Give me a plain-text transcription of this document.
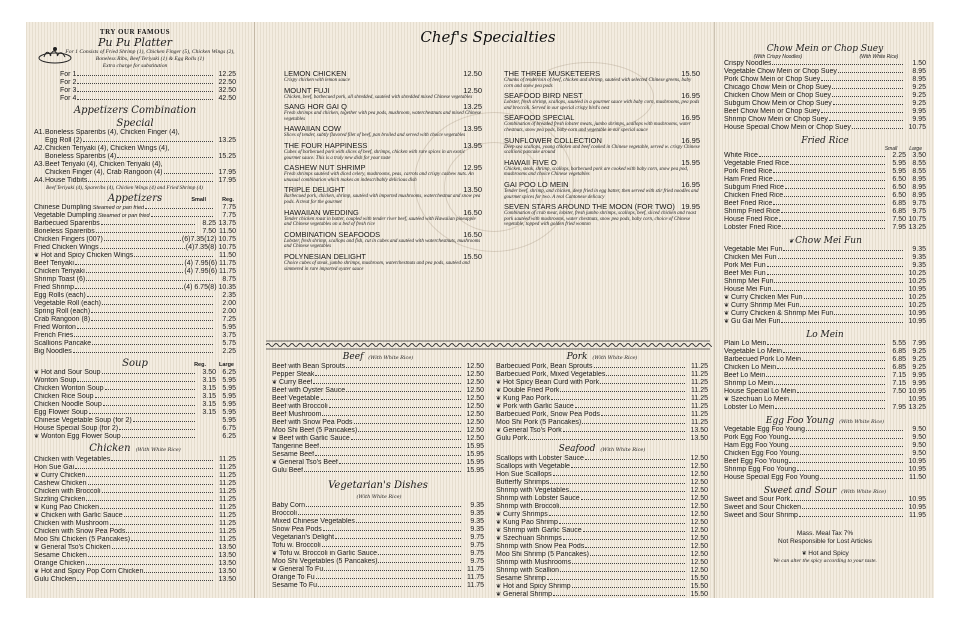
TRY OUR FAMOUS
Pu Pu Platter
For 1 Consists of Fried Shrimp (1), Chicken Finger (5), Chicken Wings (2), Boneless Ribs, Beef Teriyaki (1) & Egg Rolls (1)
Extra charge for substitution
For 1	12.25
For 2	22.50
For 3	32.50
For 4	42.50
Appetizers Combination
Special
A1. Boneless Spareribs (4), Chicken Finger (4),
Egg Roll (2)	13.25
A2. Chicken Teriyaki (4), Chicken Wings (4),
Boneless Spareribs (4)	15.25
A3. Beef Teriyaki (4), Chicken Teriyaki (4),
Chicken Finger (4), Crab Rangoon (4)	17.95
A4. House Tidbits	17.95
Beef Teriyaki (4), Spareribs (4), Chicken Wings (4) and Fried Shrimp (4)
Appetizers	Small	Reg.
Chinese Dumpling Steamed or pan fried	7.75
Vegetable Dumpling Steamed or pan fried	7.75
Barbecued Spareribs	8.25 13.75
Boneless Spareribs	7.50 11.50
Chicken Fingers (007)	(6)7.35 (12) 10.75
Fried Chicken Wings	(4)7.35 (8) 10.75
❦ Hot and Spicy Chicken Wings	11.50
Beef Teriyaki	(4) 7.95 (6) 11.75
Chicken Teriyaki	(4) 7.95 (6) 11.75
Shrimp Toast (6)	8.75
Fried Shrimp	(4) 6.75 (8) 10.35
Egg Rolls (each)	2.35
Vegetable Roll (each)	2.00
Spring Roll (each)	2.00
Crab Rangoon (8)	7.25
Fried Wonton	5.95
French Fries	3.75
Scallions Pancake	5.75
Big Noodles	2.25
Soup	Reg. Large
❦ Hot and Sour Soup	3.50 6.25
Wonton Soup	3.15 5.95
Chicken Wonton Soup	3.15 5.95
Chicken Rice Soup	3.15 5.95
Chicken Noodle Soup	3.15 5.95
Egg Flower Soup	3.15 5.95
Chinese Vegetable Soup (for 2)	5.95
House Special Soup (for 2)	6.75
❦ Wonton Egg Flower Soup	6.25
Chicken (With White Rice)
Chicken with Vegetables	11.25
Hon Sue Gai	11.25
❦ Curry Chicken	11.25
Cashew Chicken	11.25
Chicken with Broccoli	11.25
Sizzling Chicken	11.25
❦ Kung Pao Chicken	11.25
❦ Chicken with Garlic Sauce	11.25
Chicken with Mushroom	11.25
Chicken with Snow Pea Pods	11.25
Moo Shi Chicken (5 Pancakes)	11.25
❦ General Tso's Chicken	13.50
Sesame Chicken	13.50
Orange Chicken	13.50
❦ Hot and Spicy Pop Corn Chicken	13.50
Gulu Chicken	13.50
Chef's Specialties
LEMON CHICKEN	12.50
Crispy chicken with lemon sauce
MOUNT FUJI	12.50
Chicken, beef, barbecued pork, all shredded, sautéed with shredded mixed Chinese vegetables
SANG HOR GAI Q	13.25
Fresh shrimps and chicken, together with pea pods, mushroom, waterchestnuts and mixed Chinese vegetables
HAWAIIAN COW	13.95
Slices of tender, subtly flavored filet of beef, pan broiled and served with choice vegetables
THE FOUR HAPPINESS	13.95
Cubes of barbecued pork with slices of beef, shrimps, chicken with rare spices in an exotic gourmet sauce. This is a truly new dish for your taste
CASHEW NUT SHRIMP	12.95
Fresh shrimps sautéed with diced celery, mushrooms, peas, carrots and crispy cashew nuts. An unusual combination which makes an indescribably delicious dish
TRIPLE DELIGHT	13.50
Barbecued pork, chicken, shrimp, sautéed with imported mushrooms, waterchestnut and snow pea pods. A treat for the gourmet
HAWAIIAN WEDDING	16.50
Tender chicken roast in batter, coupled with tender river beef, sautéed with Hawaiian pineapple and Chinese vegetables on a bed of fresh rice
COMBINATION SEAFOODS	16.50
Lobster, fresh shrimp, scallops and fish, cut in cubes and sautéed with waterchestnuts, mushrooms and Chinese vegetables
POLYNESIAN DELIGHT	15.50
Choice cubes of steak, jumbo shrimps, mushroom, waterchestnuts and pea pods, sautéed and simmered in rare imported oyster sauce
THE THREE MUSKETEERS	15.50
Chunks of tenderloin of beef, chicken and shrimp, sautéed with selected Chinese greens, baby corn and snow pea pods
SEAFOOD BIRD NEST	16.95
Lobster, fresh shrimp, scallops, sautéed in a gourmet sauce with baby corn, mushrooms, pea pods and broccoli. Served in our special crispy bird's nest
SEAFOOD SPECIAL	16.95
Combination of breaded fresh lobster meats, jumbo shrimps, scallops with mushrooms, water chestnuts, snow pea pods, baby corn and vegetable in our special sauce
SUNFLOWER COLLECTION	16.95
Deep sea scallops, young chicken and beef cooked in Chinese vegetable, served w. crispy Chinese scallions pancake around
HAWAII FIVE O	15.95
Chicken, steak, shrimp, scallops, barbecued pork are cooked with baby corn, snow pea pod, mushrooms and choice Chinese vegetables
GAI POO LO MEIN	16.95
Tender beef, shrimp, and chicken, deep fried in egg batter, then served with stir fried noodles and gourmet spices for two. A real Cantonese delicacy
SEVEN STARS AROUND THE MOON (FOR TWO) 19.95
Combination of crab meat, lobster, fresh jumbo shrimps, scallops, beef, sliced chicken and roast pork sautéed with mushrooms, water chestnuts, snow pea pods, baby corn, choice of Chinese vegetable, topped with golden fried wonton
Beef (With White Rice)
Beef with Bean Sprouts	12.50
Pepper Steak	12.50
❦ Curry Beef	12.50
Beef with Oyster Sauce	12.50
Beef Vegetable	12.50
Beef with Broccoli	12.50
Beef Mushroom	12.50
Beef with Snow Pea Pods	12.50
Moo Shi Beef (5 Pancakes)	12.50
❦ Beef with Garlic Sauce	12.50
Tangerine Beef	15.95
Sesame Beef	15.95
❦ General Tso's Beef	15.95
Gulu Beef	15.95
Vegetarian's Dishes
(With White Rice)
Baby Corn	9.35
Broccoli	9.35
Mixed Chinese Vegetables	9.35
Snow Pea Pods	9.35
Vegetarian's Delight	9.75
Tofu w. Broccoli	9.75
❦ Tofu w. Broccoli in Garlic Sauce	9.75
Moo Shi Vegetables (5 Pancakes)	9.75
❦ General To Fu	11.75
Orange To Fu	11.75
Sesame To Fu	11.75
Pork (With White Rice)
Barbecued Pork, Bean Sprouts	11.25
Barbecued Pork, Mixed Vegetables	11.25
❦ Hot Spicy Bean Curd with Pork	11.25
❦ Double Fried Pork	11.25
❦ Kung Pao Pork	11.25
❦ Pork with Garlic Sauce	11.25
Barbecued Pork, Snow Pea Pods	11.25
Moo Shi Pork (5 Pancakes)	11.25
❦ General Tso's Pork	13.50
Gulu Pork	13.50
Seafood (With White Rice)
Scallops with Lobster Sauce	12.50
Scallops with Vegetable	12.50
Hon Sue Scallops	12.50
Butterfly Shrimps	12.50
Shrimp with Vegetables	12.50
Shrimp with Lobster Sauce	12.50
Shrimp with Broccoli	12.50
❦ Curry Shrimps	12.50
❦ Kung Pao Shrimp	12.50
❦ Shrimp with Garlic Sauce	12.50
❦ Szechuan Shrimps	12.50
Shrimp with Snow Pea Pods	12.50
Moo Shi Shrimp (5 Pancakes)	12.50
Shrimp with Mushrooms	12.50
Shrimp with Scallion	12.50
Sesame Shrimp	15.50
❦ Hot and Spicy Shrimp	15.50
❦ General Shrimp	15.50
Chow Mein or Chop Suey
(With Crispy Noodles)	(With White Rice)
Crispy Noodles	1.50
Vegetable Chow Mein or Chop Suey	8.95
Pork Chow Mein or Chop Suey	8.95
Chicago Chow Mein or Chop Suey	9.25
Chicken Chow Mein or Chop Suey	9.25
Subgum Chow Mein or Chop Suey	9.25
Beef Chow Mein or Chop Suey	9.95
Shrimp Chow Mein or Chop Suey	9.95
House Special Chow Mein or Chop Suey	10.75
Fried Rice
Small Large
White Rice	2.25 3.50
Vegetable Fried Rice	5.95 8.55
Pork Fried Rice	5.95 8.55
Ham Fried Rice	6.50 8.95
Subgum Fried Rice	6.50 8.95
Chicken Fried Rice	6.50 8.95
Beef Fried Rice	6.85 9.75
Shrimp Fried Rice	6.85 9.75
House Fried Rice	7.50 10.75
Lobster Fried Rice	7.95 13.25
❦Chow Mei Fun
Vegetable Mei Fun	9.35
Chicken Mei Fun	9.35
Pork Mei Fun	9.35
Beef Mei Fun	10.25
Shrimp Mei Fun	10.25
House Mei Fun	10.95
❦ Curry Chicken Mei Fun	10.25
❦ Curry Shrimp Mei Fun	10.25
❦ Curry Chicken & Shrimp Mei Fun	10.95
❦ Gu Gai Mei Fun	10.95
Lo Mein
Plain Lo Mein	5.55 7.95
Vegetable Lo Mein	6.85 9.25
Barbecued Pork Lo Mein	6.85 9.25
Chicken Lo Mein	6.85 9.25
Beef Lo Mein	7.15 9.95
Shrimp Lo Mein	7.15 9.95
House Special Lo Mein	7.50 10.95
❦ Szechuan Lo Mein	10.95
Lobster Lo Mein	7.95 13.25
Egg Foo Young (With White Rice)
Vegetable Egg Foo Young	9.50
Pork Egg Foo Young	9.50
Ham Egg Foo Young	9.50
Chicken Egg Foo Young	9.50
Beef Egg Foo Young	10.95
Shrimp Egg Foo Young	10.95
House Special Egg Foo Young	11.50
Sweet and Sour (With White Rice)
Sweet and Sour Pork	10.95
Sweet and Sour Chicken	10.95
Sweet and Sour Shrimp	11.95
Mass. Meal Tax 7%
Not Responsible for Lost Articles
❦Hot and Spicy
We can alter the spicy according to your taste.
